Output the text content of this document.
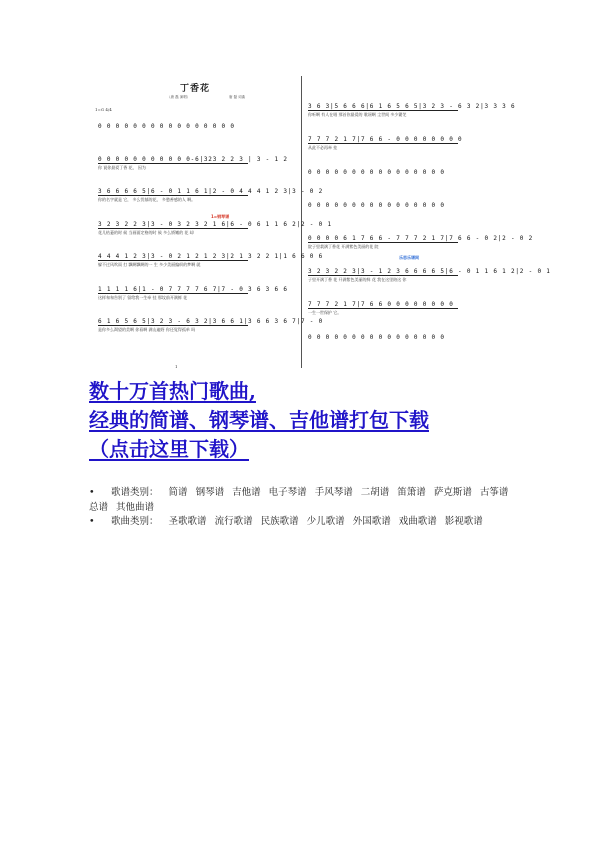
丁香花
（唐 磊 演唱）	唐 磊 词曲
1=G 4/4
0 0 0 0 0 0 0 0 0 0 0 0 0 0 0 0
0 0 0 0 0 0 0 0 0 0 0-6|323 2 2 3 | 3 - 1 2
你 说你最爱丁香 花， 因为
3 6 6 6 6 5|6 - 0 1 1 6 1|2 - 0 4 4 4 1 2 3|3 - 0 2
你的名字就是 它， 多么忧郁的花， 多愁善感的人 啊。
3 2 3 2 2 3|3 - 0 3 2 3 2 1 6|6 - 0 6 1 1 6 2|2 - 0 1
花儿枯萎的时 候 当画面定格的时 候 多么娇嫩的 花 却
4 4 4 1 2 3|3 - 0 2 1 2 1 2 3|2 1 3 2 2 1|1 6 6 0 6
躲不过风吹雨 打 飘啊飘啊的一 生 多少美丽编织的梦啊 就
1 1 1 1 6|1 - 0 7 7 7 7 6 7|7 - 0 3 6 3 6 6
这样匆匆告别了 留给我一生牵 挂 那坟前开满鲜 花
6 1 6 5 6 5|3 2 3 - 6 3 2|3 6 6 1|3 6 6 3 6 7|7 - 0
是你多么渴望的美啊 你看啊 满山遍野 你还觉得孤单 吗
3 6 3|5 6 6 6|6 1 6 5 6 5|3 2 3 - 6 3 2|3 3 3 6
你听啊 有人在唱 那首你最爱的 歌谣啊 尘世间 多少繁芜
7 7 7 2 1 7|7 6 6 - 0 0 0 0 0 0 0 0
从此不必再牵 挂
0 0 0 0 0 0 0 0 0 0 0 0 0 0 0 0
0 0 0 0 0 0 0 0 0 0 0 0 0 0 0 0
0 0 0 0 6 1 7 6 6 - 7 7 7 2 1 7|7 6 6 - 0 2|2 - 0 2
院子里栽满丁香花 开满紫色美丽的花 院
3 2 3 2 2 3|3 - 1 2 3 6 6 6 6 5|6 - 0 1 1 6 1 2|2 - 0 1
子里开满丁香 花 开满紫色美丽的鲜 花 我在这里陪这 你
7 7 7 2 1 7|7 6 6 0 0 0 0 0 0 0 0
一生一世保护 它。
0 0 0 0 0 0 0 0 0 0 0 0 0 0 0 0
1=钢琴谱
乐思乐谱网
1
数十万首热门歌曲,
经典的简谱、钢琴谱、吉他谱打包下载
（点击这里下载）
• 歌谱类别： 简谱 钢琴谱 吉他谱 电子琴谱 手风琴谱 二胡谱 笛箫谱 萨克斯谱 古筝谱 总谱 其他曲谱
• 歌曲类别： 圣歌歌谱 流行歌谱 民族歌谱 少儿歌谱 外国歌谱 戏曲歌谱 影视歌谱
